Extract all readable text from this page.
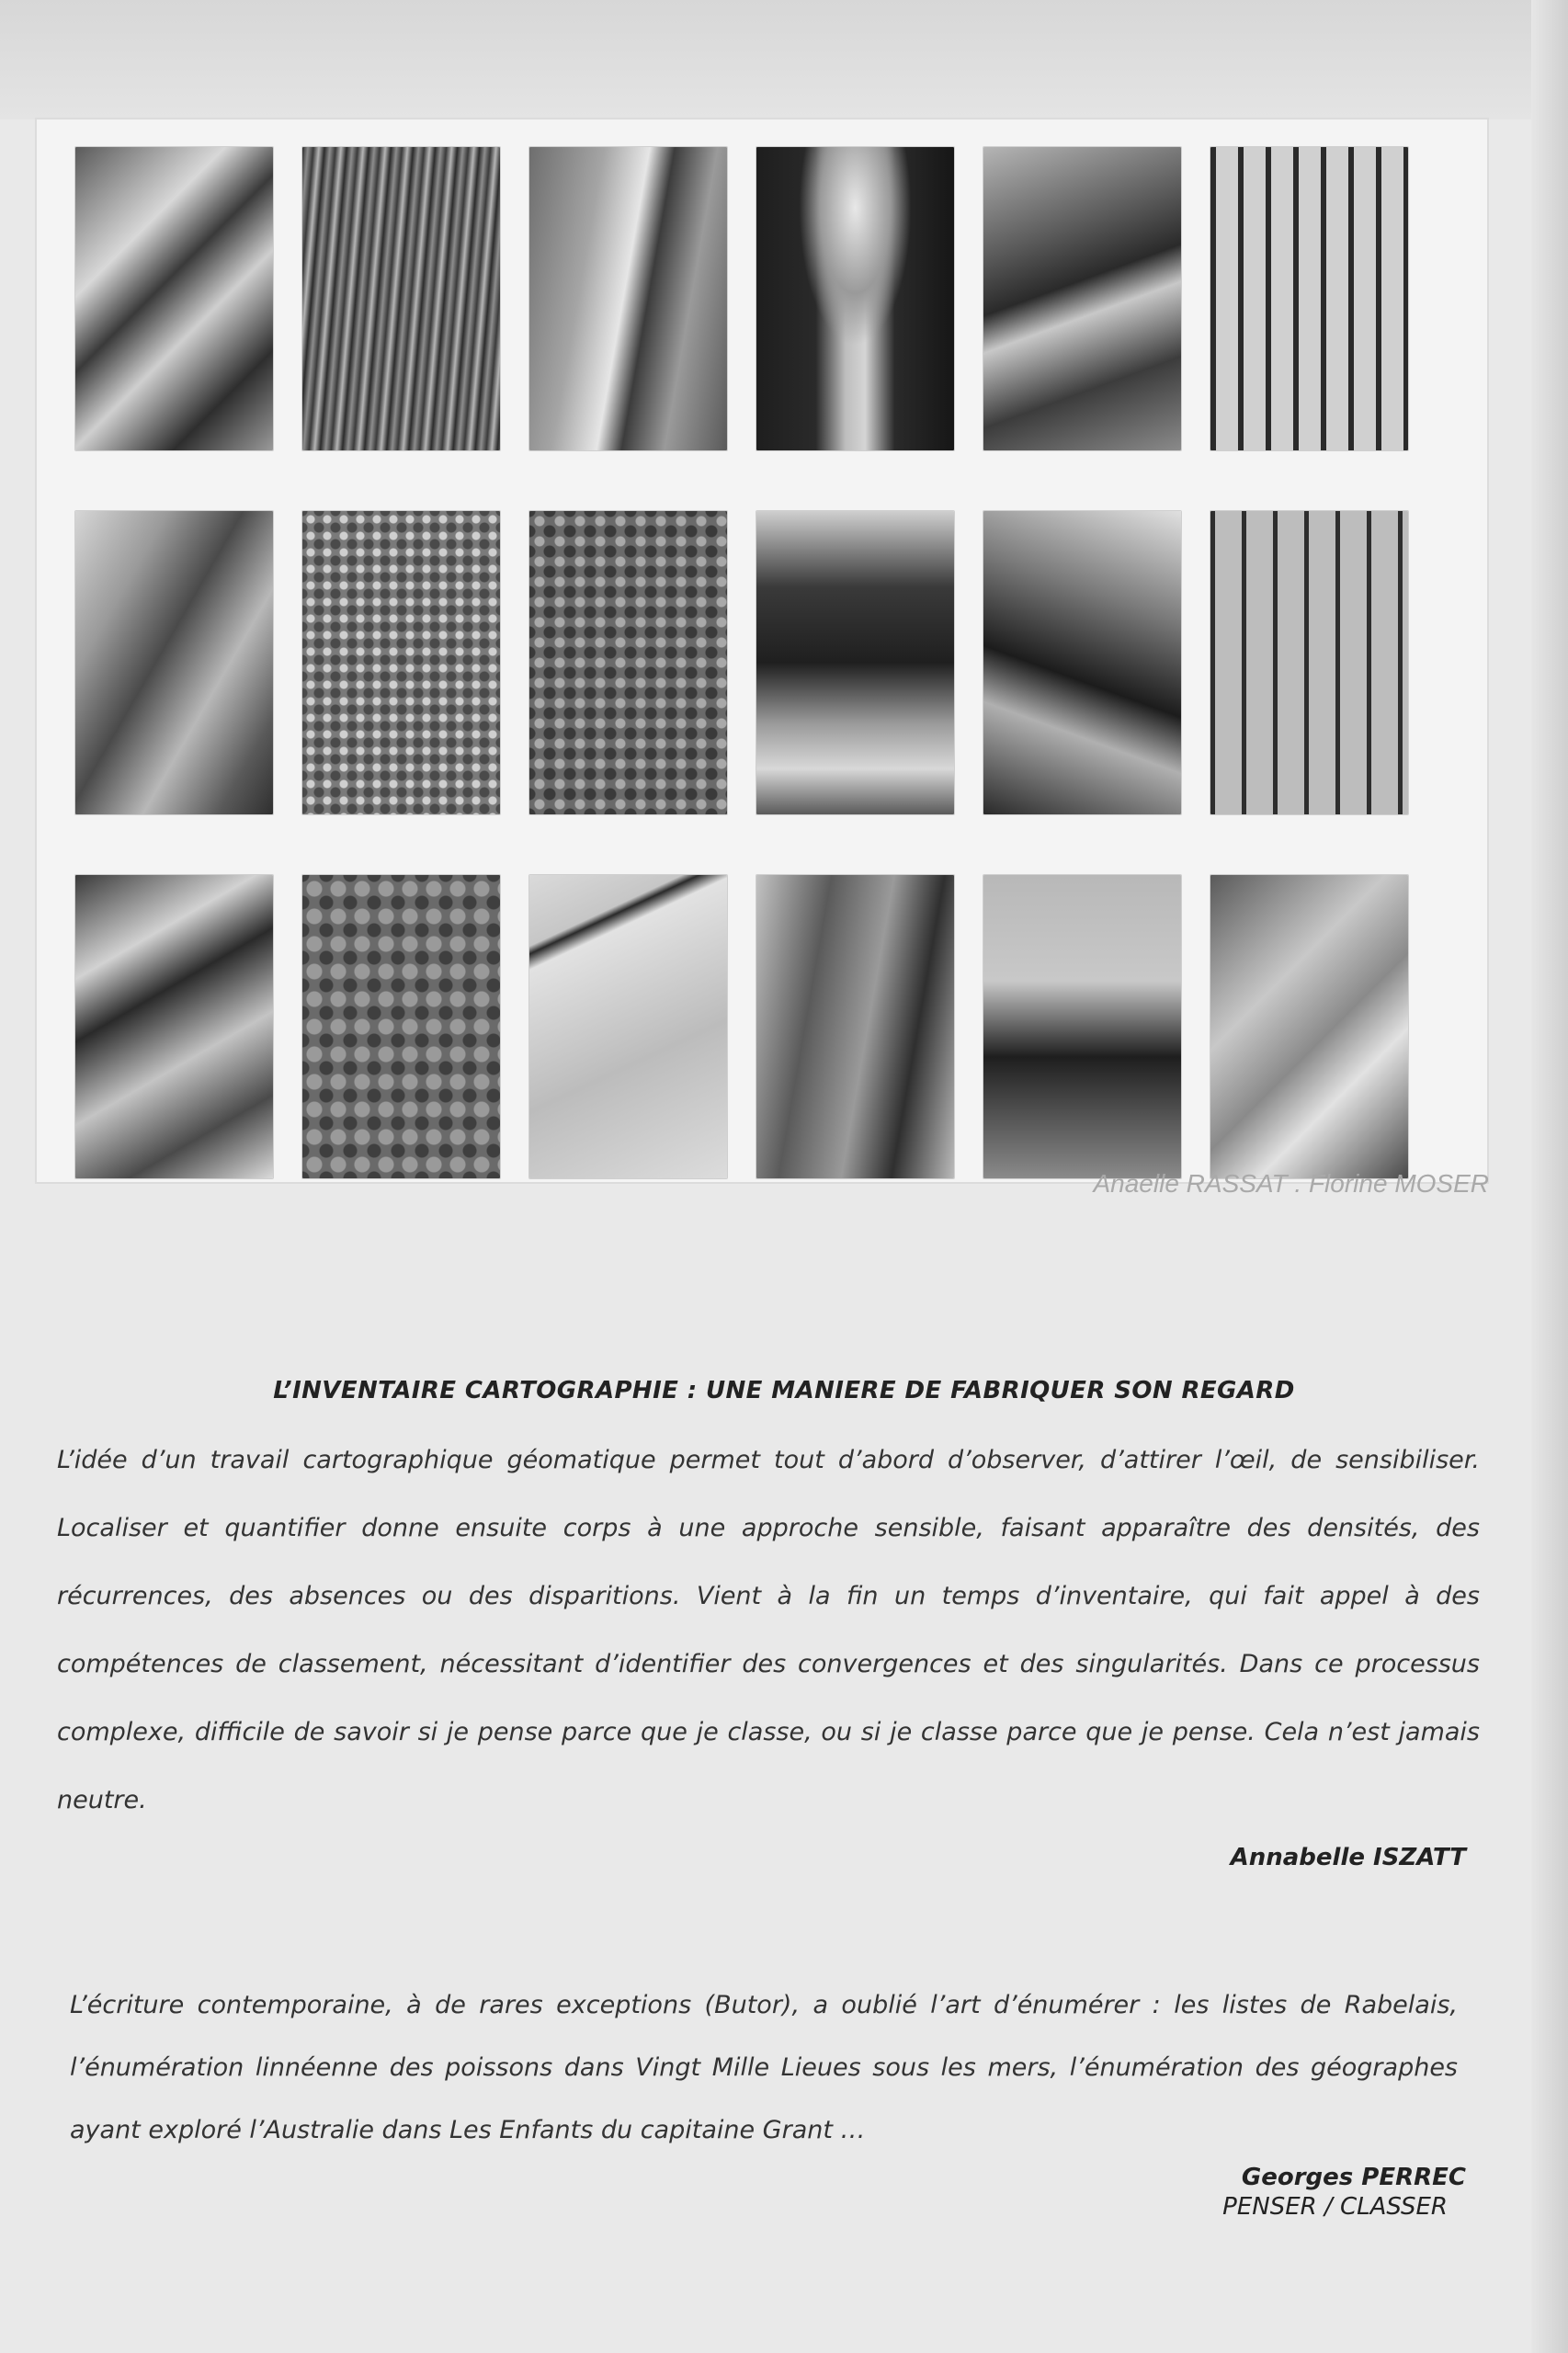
Anaelle RASSAT . Florine MOSER
L’INVENTAIRE CARTOGRAPHIE : UNE MANIERE DE FABRIQUER SON REGARD
L’idée d’un travail cartographique géomatique permet tout d’abord d’observer, d’attirer l’œil, de sensibiliser. Localiser et quantifier donne ensuite corps à une approche sensible, faisant apparaître des densités, des récurrences, des absences ou des disparitions. Vient à la fin un temps d’inventaire, qui fait appel à des compétences de classement, nécessitant d’identifier des convergences et des singularités. Dans ce processus complexe, difficile de savoir si je pense parce que je classe, ou si je classe parce que je pense. Cela n’est jamais neutre.
Annabelle ISZATT
L’écriture contemporaine, à de rares exceptions (Butor), a oublié l’art d’énumérer : les listes de Rabelais, l’énumération linnéenne des poissons dans Vingt Mille Lieues sous les mers, l’énumération des géographes ayant exploré l’Australie dans Les Enfants du capitaine Grant …
Georges PERREC
PENSER / CLASSER
